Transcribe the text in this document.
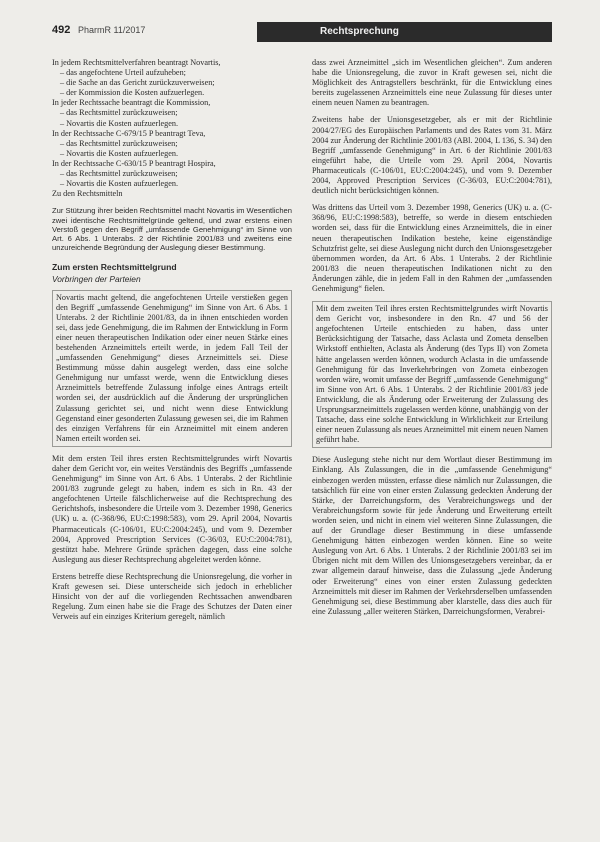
492 PharmR 11/2017	Rechtsprechung

In jedem Rechtsmittelverfahren beantragt Novartis,
– das angefochtene Urteil aufzuheben;
– die Sache an das Gericht zurückzuverweisen;
– der Kommission die Kosten aufzuerlegen.
In jeder Rechtssache beantragt die Kommission,
– das Rechtsmittel zurückzuweisen;
– Novartis die Kosten aufzuerlegen.
In der Rechtssache C-679/15 P beantragt Teva,
– das Rechtsmittel zurückzuweisen;
– Novartis die Kosten aufzuerlegen.
In der Rechtssache C-630/15 P beantragt Hospira,
– das Rechtsmittel zurückzuweisen;
– Novartis die Kosten aufzuerlegen.
Zu den Rechtsmitteln

Zur Stützung ihrer beiden Rechtsmittel macht Novartis im Wesentlichen zwei identische Rechtsmittelgründe geltend, und zwar erstens einen Verstoß gegen den Begriff „umfassende Genehmigung“ im Sinne von Art. 6 Abs. 1 Unterabs. 2 der Richtlinie 2001/83 und zweitens eine unzureichende Begründung der Auslegung dieser Bestimmung.

Zum ersten Rechtsmittelgrund
Vorbringen der Parteien

Novartis macht geltend, die angefochtenen Urteile verstießen gegen den Begriff „umfassende Genehmigung“ im Sinne von Art. 6 Abs. 1 Unterabs. 2 der Richtlinie 2001/83, da in ihnen entschieden worden sei, dass jede Genehmigung, die im Rahmen der Entwicklung in Form einer neuen therapeutischen Indikation oder einer neuen Stärke eines bestehenden Arzneimittels erteilt werde, in jedem Fall Teil der „umfassenden Genehmigung“ dieses Arzneimittels sei. Diese Bestimmung müsse dahin ausgelegt werden, dass eine solche Genehmigung nur umfasst werde, wenn die Entwicklung dieses Arzneimittels betreffende Zulassung infolge eines Antrags erteilt worden sei, der ausdrücklich auf die Änderung der ursprünglichen Zulassung gerichtet sei, und nicht wenn diese Entwicklung Gegenstand einer gesonderten Zulassung gewesen sei, die im Rahmen des einzigen Verfahrens für ein Arzneimittel mit einem anderen Namen erteilt worden sei.

Mit dem ersten Teil ihres ersten Rechtsmittelgrundes wirft Novartis daher dem Gericht vor, ein weites Verständnis des Begriffs „umfassende Genehmigung“ im Sinne von Art. 6 Abs. 1 Unterabs. 2 der Richtlinie 2001/83 zugrunde gelegt zu haben, indem es sich in Rn. 43 der angefochtenen Urteile fälschlicherweise auf die Rechtsprechung des Gerichtshofs, insbesondere die Urteile vom 3. Dezember 1998, Generics (UK) u. a. (C-368/96, EU:C:1998:583), vom 29. April 2004, Novartis Pharmaceuticals (C-106/01, EU:C:2004:245), und vom 9. Dezember 2004, Approved Prescription Services (C-36/03, EU:C:2004:781), gestützt habe. Mehrere Gründe sprächen dagegen, dass eine solche Auslegung aus dieser Rechtsprechung abgeleitet werden könne.

Erstens betreffe diese Rechtsprechung die Unionsregelung, die vorher in Kraft gewesen sei. Diese unterscheide sich jedoch in erheblicher Hinsicht von der auf die vorliegenden Rechtssachen anwendbaren Regelung. Zum einen habe sie die Frage des Schutzes der Daten einer Verweis auf ein einziges Kriterium geregelt, nämlich

dass zwei Arzneimittel „sich im Wesentlichen gleichen“. Zum anderen habe die Unionsregelung, die zuvor in Kraft gewesen sei, nicht die Möglichkeit des Antragstellers beschränkt, für die Entwicklung eines bereits zugelassenen Arzneimittels eine neue Zulassung für dieses unter einem neuen Namen zu beantragen.

Zweitens habe der Unionsgesetzgeber, als er mit der Richtlinie 2004/27/EG des Europäischen Parlaments und des Rates vom 31. März 2004 zur Änderung der Richtlinie 2001/83 (ABl. 2004, L 136, S. 34) den Begriff „umfassende Genehmigung“ in Art. 6 der Richtlinie 2001/83 eingeführt habe, die Urteile vom 29. April 2004, Novartis Pharmaceuticals (C-106/01, EU:C:2004:245), und vom 9. Dezember 2004, Approved Prescription Services (C-36/03, EU:C:2004:781), deutlich nicht berücksichtigen können.

Was drittens das Urteil vom 3. Dezember 1998, Generics (UK) u. a. (C-368/96, EU:C:1998:583), betreffe, so werde in diesem entschieden worden sei, dass für die Entwicklung eines Arzneimittels, die in einer neuen therapeutischen Indikation bestehe, keine eigenständige Schutzfrist gelte, sei diese Auslegung nicht durch den Unionsgesetzgeber übernommen worden, da Art. 6 Abs. 1 Unterabs. 2 der Richtlinie 2001/83 die neuen therapeutischen Indikationen nicht zu den Änderungen zähle, die in jedem Fall in den Rahmen der „umfassenden Genehmigung“ fielen.

Mit dem zweiten Teil ihres ersten Rechtsmittelgrundes wirft Novartis dem Gericht vor, insbesondere in den Rn. 47 und 56 der angefochtenen Urteile entschieden zu haben, dass unter Berücksichtigung der Tatsache, dass Aclasta und Zometa denselben Wirkstoff enthielten, Aclasta als Änderung (des Typs II) von Zometa hätte angelassen werden können, wodurch Aclasta in die umfassende Genehmigung für das Inverkehrbringen von Zometa einbezogen worden wäre, womit umfasse der Begriff „umfassende Genehmigung“ im Sinne von Art. 6 Abs. 1 Unterabs. 2 der Richtlinie 2001/83 jede Entwicklung, die als Änderung oder Erweiterung der Zulassung des Ursprungsarzneimittels zugelassen werden könne, unabhängig von der Tatsache, dass eine solche Entwicklung in Wirklichkeit zur Erteilung einer neuen Zulassung als neues Arzneimittel mit einem neuen Namen geführt habe.

Diese Auslegung stehe nicht nur dem Wortlaut dieser Bestimmung im Einklang. Als Zulassungen, die in die „umfassende Genehmigung“ einbezogen werden müssten, erfasse diese nämlich nur Zulassungen, die tatsächlich für eine von einer ersten Zulassung gedeckten Änderung der Stärke, der Darreichungsform, des Verabreichungswegs und der Verabreichungsform sowie für jede Änderung und Erweiterung erteilt worden seien, und nicht in einem viel weiteren Sinne Zulassungen, die auf der Grundlage dieser Bestimmung in diese umfassende Genehmigung hätten einbezogen werden können. Eine so weite Auslegung von Art. 6 Abs. 1 Unterabs. 2 der Richtlinie 2001/83 sei im Übrigen nicht mit dem Willen des Unionsgesetzgebers vereinbar, da er zwar allgemein darauf hinweise, dass die Zulassung „jede Änderung oder Erweiterung“ eines von einer ersten Zulassung gedeckten Arzneimittels mit dieser im Rahmen der Verkehrsderselben umfassenden Genehmigung sei, diese Bestimmung aber klarstelle, dass dies auch für eine Zulassung „aller weiteren Stärken, Darreichungsformen, Verabrei-
